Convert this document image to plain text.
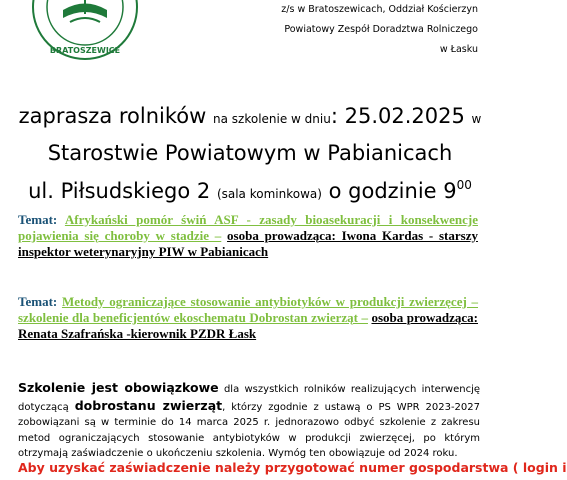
BRATOSZEWICE
z/s w Bratoszewicach, Oddział Kościerzyn
Powiatowy Zespół Doradztwa Rolniczego
w Łasku
zaprasza rolników na szkolenie w dniu: 25.02.2025 w
Starostwie Powiatowym w Pabianicach
ul. Piłsudskiego 2 (sala kominkowa) o godzinie $9^{00}$
Temat: Afrykański pomór świń ASF - zasady bioasekuracji i konsekwencje pojawienia się choroby w stadzie – osoba prowadząca: Iwona Kardas - starszy inspektor weterynaryjny PIW w Pabianicach
Temat: Metody ograniczające stosowanie antybiotyków w produkcji zwierzęcej – szkolenie dla beneficjentów ekoschematu Dobrostan zwierząt – osoba prowadząca: Renata Szafrańska -kierownik PZDR Łask
Szkolenie jest obowiązkowe dla wszystkich rolników realizujących interwencję dotyczącą dobrostanu zwierząt, którzy zgodnie z ustawą o PS WPR 2023-2027 zobowiązani są w terminie do 14 marca 2025 r. jednorazowo odbyć szkolenie z zakresu metod ograniczających stosowanie antybiotyków w produkcji zwierzęcej, po którym otrzymają zaświadczenie o ukończeniu szkolenia. Wymóg ten obowiązuje od 2024 roku.
Aby uzyskać zaświadczenie należy przygotować numer gospodarstwa ( login i
